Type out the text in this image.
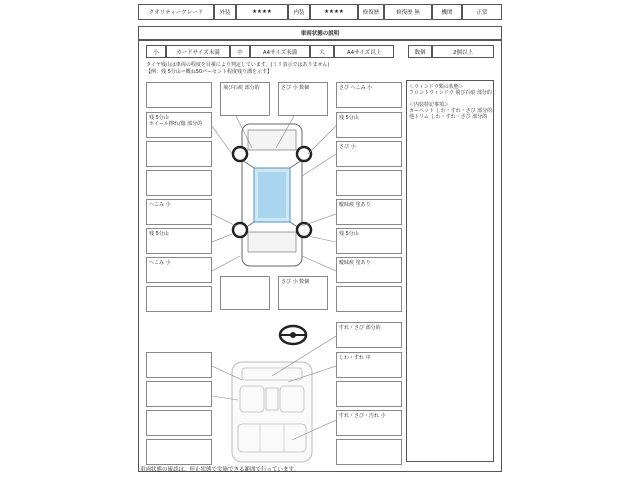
クオリティーグレード	外装	★★★★	内装	★★★★	修復歴	修復歴 無	機関	正常
車両状態の説明
小	カードサイズ未満	中	A4サイズ未満	大	A4サイズ以上	数個	2個以上
タイヤ残山は車両の程度を目視により判定しています。(ミリ表示ではありません)
【例：残 5分山＝概ね50パーセント程度残り溝を示す】
＜ウィンドウ類の状態＞
フロントウィンドウ 飛び石痕 部分的
＜内装特記事項＞
カーペット しわ・すれ・さび 部分的
他トリム しわ・すれ・さび 部分的
残 5分山
ホイール擦れ/傷 部分的
へこみ 小
残 5分山
へこみ 小
飛び石痕 部分的	さび 小 数個	さび へこみ 小
残 5分山
さび 小
曖昧痕 塗あり
残 5分山
曖昧痕 塗あり
さび 小 数個
すれ・さび 部分的
しわ・すれ 中
すれ・さび・汚れ 小
車両状態の確認は、停止状態で実施できる範囲で行っています。
